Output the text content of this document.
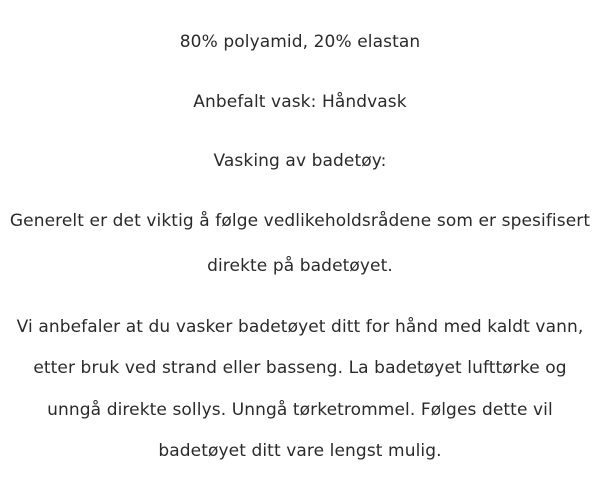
80% polyamid, 20% elastan
Anbefalt vask: Håndvask
Vasking av badetøy:
Generelt er det viktig å følge vedlikeholdsrådene som er spesifisert
direkte på badetøyet.
Vi anbefaler at du vasker badetøyet ditt for hånd med kaldt vann,
etter bruk ved strand eller basseng. La badetøyet lufttørke og
unngå direkte sollys. Unngå tørketrommel. Følges dette vil
badetøyet ditt vare lengst mulig.
